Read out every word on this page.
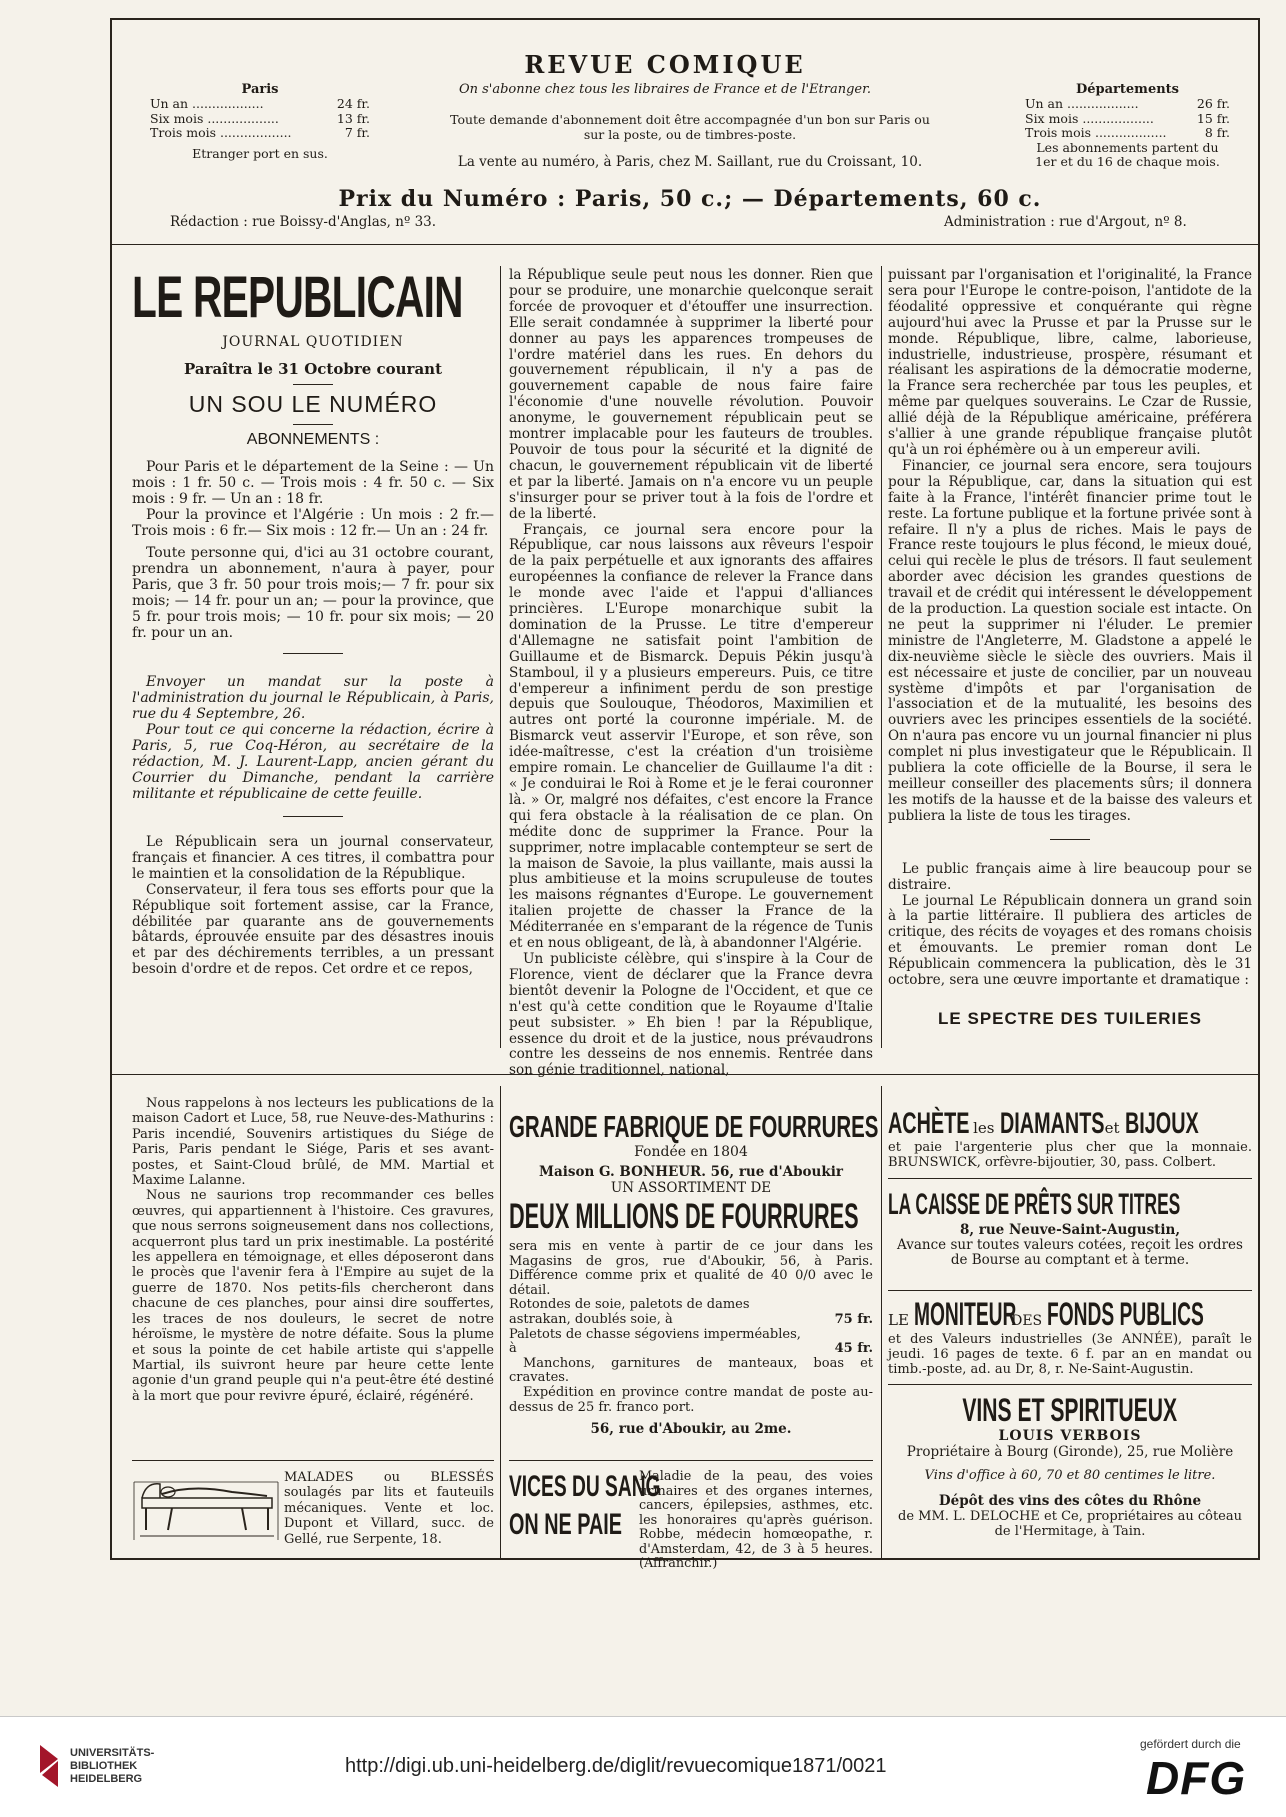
REVUE COMIQUE
On s'abonne chez tous les libraires de France et de l'Etranger.
Toute demande d'abonnement doit être accompagnée d'un bon sur Paris ou sur la poste, ou de timbres-poste.
La vente au numéro, à Paris, chez M. Saillant, rue du Croissant, 10.
Paris
Un an ..................	24 fr.
Six mois ..................	13 fr.
Trois mois ..................	7 fr.
Etranger port en sus.
Départements
Un an ..................	26 fr.
Six mois ..................	15 fr.
Trois mois ..................	8 fr.
Les abonnements partent du 1er et du 16 de chaque mois.
Prix du Numéro : Paris, 50 c.; — Départements, 60 c.
Rédaction : rue Boissy-d'Anglas, nº 33.	Administration : rue d'Argout, nº 8.
LE REPUBLICAIN
JOURNAL QUOTIDIEN
Paraîtra le 31 Octobre courant
UN SOU LE NUMÉRO
ABONNEMENTS :

Pour Paris et le département de la Seine : — Un mois : 1 fr. 50 c. — Trois mois : 4 fr. 50 c. — Six mois : 9 fr. — Un an : 18 fr.

Pour la province et l'Algérie : Un mois : 2 fr.— Trois mois : 6 fr.— Six mois : 12 fr.— Un an : 24 fr.

Toute personne qui, d'ici au 31 octobre courant, prendra un abonnement, n'aura à payer, pour Paris, que 3 fr. 50 pour trois mois;— 7 fr. pour six mois; — 14 fr. pour un an; — pour la province, que 5 fr. pour trois mois; — 10 fr. pour six mois; — 20 fr. pour un an.

Envoyer un mandat sur la poste à l'administration du journal le Républicain, à Paris, rue du 4 Septembre, 26.

Pour tout ce qui concerne la rédaction, écrire à Paris, 5, rue Coq-Héron, au secrétaire de la rédaction, M. J. Laurent-Lapp, ancien gérant du Courrier du Dimanche, pendant la carrière militante et républicaine de cette feuille.

Le Républicain sera un journal conservateur, français et financier. A ces titres, il combattra pour le maintien et la consolidation de la République.

Conservateur, il fera tous ses efforts pour que la République soit fortement assise, car la France, débilitée par quarante ans de gouvernements bâtards, éprouvée ensuite par des désastres inouis et par des déchirements terribles, a un pressant besoin d'ordre et de repos. Cet ordre et ce repos,

la République seule peut nous les donner. Rien que pour se produire, une monarchie quelconque serait forcée de provoquer et d'étouffer une insurrection. Elle serait condamnée à supprimer la liberté pour donner au pays les apparences trompeuses de l'ordre matériel dans les rues. En dehors du gouvernement républicain, il n'y a pas de gouvernement capable de nous faire faire l'économie d'une nouvelle révolution. Pouvoir anonyme, le gouvernement républicain peut se montrer implacable pour les fauteurs de troubles. Pouvoir de tous pour la sécurité et la dignité de chacun, le gouvernement républicain vit de liberté et par la liberté. Jamais on n'a encore vu un peuple s'insurger pour se priver tout à la fois de l'ordre et de la liberté.

Français, ce journal sera encore pour la République, car nous laissons aux rêveurs l'espoir de la paix perpétuelle et aux ignorants des affaires européennes la confiance de relever la France dans le monde avec l'aide et l'appui d'alliances princières. L'Europe monarchique subit la domination de la Prusse. Le titre d'empereur d'Allemagne ne satisfait point l'ambition de Guillaume et de Bismarck. Depuis Pékin jusqu'à Stamboul, il y a plusieurs empereurs. Puis, ce titre d'empereur a infiniment perdu de son prestige depuis que Soulouque, Théodoros, Maximilien et autres ont porté la couronne impériale. M. de Bismarck veut asservir l'Europe, et son rêve, son idée-maîtresse, c'est la création d'un troisième empire romain. Le chancelier de Guillaume l'a dit : « Je conduirai le Roi à Rome et je le ferai couronner là. » Or, malgré nos défaites, c'est encore la France qui fera obstacle à la réalisation de ce plan. On médite donc de supprimer la France. Pour la supprimer, notre implacable contempteur se sert de la maison de Savoie, la plus vaillante, mais aussi la plus ambitieuse et la moins scrupuleuse de toutes les maisons régnantes d'Europe. Le gouvernement italien projette de chasser la France de la Méditerranée en s'emparant de la régence de Tunis et en nous obligeant, de là, à abandonner l'Algérie.

Un publiciste célèbre, qui s'inspire à la Cour de Florence, vient de déclarer que la France devra bientôt devenir la Pologne de l'Occident, et que ce n'est qu'à cette condition que le Royaume d'Italie peut subsister. » Eh bien ! par la République, essence du droit et de la justice, nous prévaudrons contre les desseins de nos ennemis. Rentrée dans son génie traditionnel, national,

puissant par l'organisation et l'originalité, la France sera pour l'Europe le contre-poison, l'antidote de la féodalité oppressive et conquérante qui règne aujourd'hui avec la Prusse et par la Prusse sur le monde. République, libre, calme, laborieuse, industrielle, industrieuse, prospère, résumant et réalisant les aspirations de la démocratie moderne, la France sera recherchée par tous les peuples, et même par quelques souverains. Le Czar de Russie, allié déjà de la République américaine, préférera s'allier à une grande république française plutôt qu'à un roi éphémère ou à un empereur avili.

Financier, ce journal sera encore, sera toujours pour la République, car, dans la situation qui est faite à la France, l'intérêt financier prime tout le reste. La fortune publique et la fortune privée sont à refaire. Il n'y a plus de riches. Mais le pays de France reste toujours le plus fécond, le mieux doué, celui qui recèle le plus de trésors. Il faut seulement aborder avec décision les grandes questions de travail et de crédit qui intéressent le développement de la production. La question sociale est intacte. On ne peut la supprimer ni l'éluder. Le premier ministre de l'Angleterre, M. Gladstone a appelé le dix-neuvième siècle le siècle des ouvriers. Mais il est nécessaire et juste de concilier, par un nouveau système d'impôts et par l'organisation de l'association et de la mutualité, les besoins des ouvriers avec les principes essentiels de la société. On n'aura pas encore vu un journal financier ni plus complet ni plus investigateur que le Républicain. Il publiera la cote officielle de la Bourse, il sera le meilleur conseiller des placements sûrs; il donnera les motifs de la hausse et de la baisse des valeurs et publiera la liste de tous les tirages.

Le public français aime à lire beaucoup pour se distraire.

Le journal Le Républicain donnera un grand soin à la partie littéraire. Il publiera des articles de critique, des récits de voyages et des romans choisis et émouvants. Le premier roman dont Le Républicain commencera la publication, dès le 31 octobre, sera une œuvre importante et dramatique :

LE SPECTRE DES TUILERIES

Nous rappelons à nos lecteurs les publications de la maison Cadort et Luce, 58, rue Neuve-des-Mathurins : Paris incendié, Souvenirs artistiques du Siége de Paris, Paris pendant le Siége, Paris et ses avant-postes, et Saint-Cloud brûlé, de MM. Martial et Maxime Lalanne.

Nous ne saurions trop recommander ces belles œuvres, qui appartiennent à l'histoire. Ces gravures, que nous serrons soigneusement dans nos collections, acquerront plus tard un prix inestimable. La postérité les appellera en témoignage, et elles déposeront dans le procès que l'avenir fera à l'Empire au sujet de la guerre de 1870. Nos petits-fils chercheront dans chacune de ces planches, pour ainsi dire souffertes, les traces de nos douleurs, le secret de notre héroïsme, le mystère de notre défaite. Sous la plume et sous la pointe de cet habile artiste qui s'appelle Martial, ils suivront heure par heure cette lente agonie d'un grand peuple qui n'a peut-être été destiné à la mort que pour revivre épuré, éclairé, régénéré.

MALADES ou BLESSÉS soulagés par lits et fauteuils mécaniques. Vente et loc. Dupont et Villard, succ. de Gellé, rue Serpente, 18.
GRANDE FABRIQUE DE FOURRURES
Fondée en 1804
Maison G. BONHEUR. 56, rue d'Aboukir
UN ASSORTIMENT DE
DEUX MILLIONS DE FOURRURES

sera mis en vente à partir de ce jour dans les Magasins de gros, rue d'Aboukir, 56, à Paris. Différence comme prix et qualité de 40 0/0 avec le détail.

Rotondes de soie, paletots de dames astrakan, doublés soie, à	75 fr.
Paletots de chasse ségoviens imperméables, à	45 fr.

Manchons, garnitures de manteaux, boas et cravates.

Expédition en province contre mandat de poste au-dessus de 25 fr. franco port.

56, rue d'Aboukir, au 2me.
VICES DU SANG
ON NE PAIE
Maladie de la peau, des voies urinaires et des organes internes, cancers, épilepsies, asthmes, etc. les honoraires qu'après guérison. Robbe, médecin homœopathe, r. d'Amsterdam, 42, de 3 à 5 heures. (Affranchir.)
ACHÈTE les DIAMANTS et BIJOUX
et paie l'argenterie plus cher que la monnaie. BRUNSWICK, orfèvre-bijoutier, 30, pass. Colbert.
LA CAISSE DE PRÊTS SUR TITRES
8, rue Neuve-Saint-Augustin,
Avance sur toutes valeurs cotées, reçoit les ordres de Bourse au comptant et à terme.
LE MONITEUR DES FONDS PUBLICS
et des Valeurs industrielles (3e ANNÉE), paraît le jeudi. 16 pages de texte. 6 f. par an en mandat ou timb.-poste, ad. au Dr, 8, r. Ne-Saint-Augustin.
VINS ET SPIRITUEUX
LOUIS VERBOIS
Propriétaire à Bourg (Gironde), 25, rue Molière
Vins d'office à 60, 70 et 80 centimes le litre.
Dépôt des vins des côtes du Rhône
de MM. L. DELOCHE et Ce, propriétaires au côteau de l'Hermitage, à Tain.
UNIVERSITÄTS-
BIBLIOTHEK
HEIDELBERG
http://digi.ub.uni-heidelberg.de/diglit/revuecomique1871/0021
gefördert durch die
DFG
